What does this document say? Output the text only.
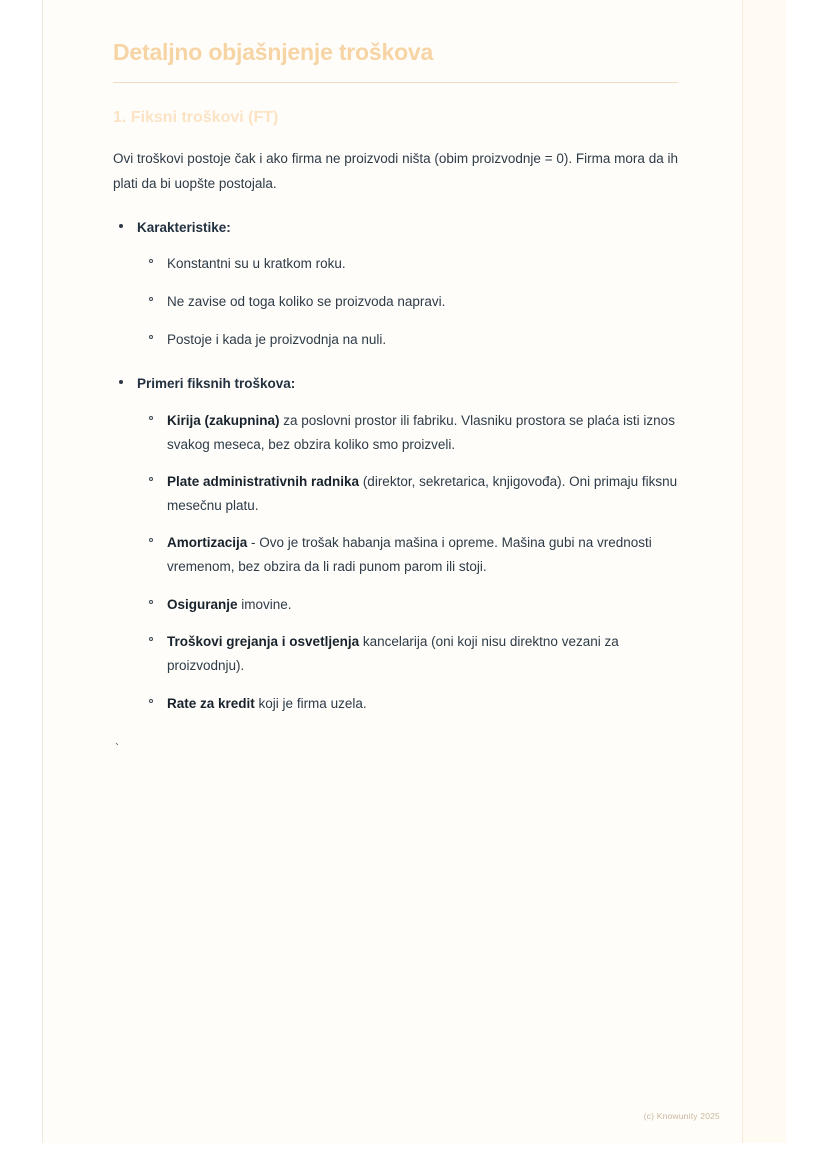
Detaljno objašnjenje troškova
1. Fiksni troškovi (FT)

Ovi troškovi postoje čak i ako firma ne proizvodi ništa (obim proizvodnje = 0). Firma mora da ih plati da bi uopšte postojala.

Karakteristike:
Konstantni su u kratkom roku.
Ne zavise od toga koliko se proizvoda napravi.
Postoje i kada je proizvodnja na nuli.
Primeri fiksnih troškova:
Kirija (zakupnina) za poslovni prostor ili fabriku. Vlasniku prostora se plaća isti iznos svakog meseca, bez obzira koliko smo proizveli.
Plate administrativnih radnika (direktor, sekretarica, knjigovođa). Oni primaju fiksnu mesečnu platu.
Amortizacija - Ovo je trošak habanja mašina i opreme. Mašina gubi na vrednosti vremenom, bez obzira da li radi punom parom ili stoji.
Osiguranje imovine.
Troškovi grejanja i osvetljenja kancelarija (oni koji nisu direktno vezani za proizvodnju).
Rate za kredit koji je firma uzela.
`
(c) Knowunity 2025
